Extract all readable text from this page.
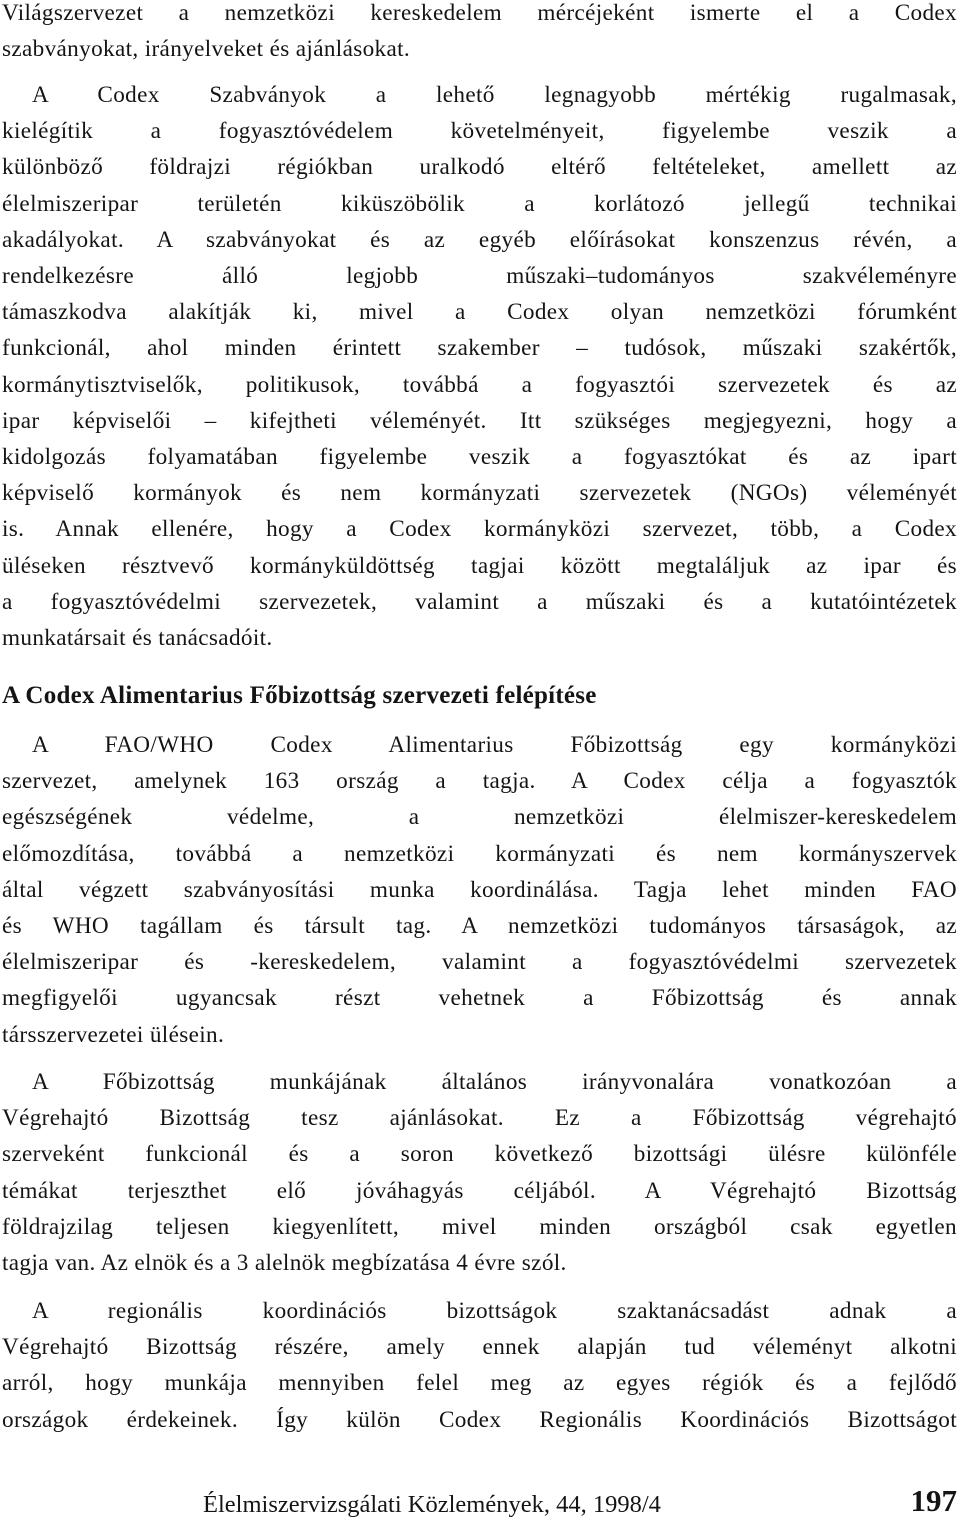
Világszervezet a nemzetközi kereskedelem mércéjeként ismerte el a Codex
szabványokat, irányelveket és ajánlásokat.
A Codex Szabványok a lehető legnagyobb mértékig rugalmasak,
kielégítik a fogyasztóvédelem követelményeit, figyelembe veszik a
különböző földrajzi régiókban uralkodó eltérő feltételeket, amellett az
élelmiszeripar területén kiküszöbölik a korlátozó jellegű technikai
akadályokat. A szabványokat és az egyéb előírásokat konszenzus révén, a
rendelkezésre álló legjobb műszaki–tudományos szakvéleményre
támaszkodva alakítják ki, mivel a Codex olyan nemzetközi fórumként
funkcionál, ahol minden érintett szakember – tudósok, műszaki szakértők,
kormánytisztviselők, politikusok, továbbá a fogyasztói szervezetek és az
ipar képviselői – kifejtheti véleményét. Itt szükséges megjegyezni, hogy a
kidolgozás folyamatában figyelembe veszik a fogyasztókat és az ipart
képviselő kormányok és nem kormányzati szervezetek (NGOs) véleményét
is. Annak ellenére, hogy a Codex kormányközi szervezet, több, a Codex
üléseken résztvevő kormányküldöttség tagjai között megtaláljuk az ipar és
a fogyasztóvédelmi szervezetek, valamint a műszaki és a kutatóintézetek
munkatársait és tanácsadóit.
A Codex Alimentarius Főbizottság szervezeti felépítése
A FAO/WHO Codex Alimentarius Főbizottság egy kormányközi
szervezet, amelynek 163 ország a tagja. A Codex célja a fogyasztók
egészségének védelme, a nemzetközi élelmiszer-kereskedelem
előmozdítása, továbbá a nemzetközi kormányzati és nem kormányszervek
által végzett szabványosítási munka koordinálása. Tagja lehet minden FAO
és WHO tagállam és társult tag. A nemzetközi tudományos társaságok, az
élelmiszeripar és -kereskedelem, valamint a fogyasztóvédelmi szervezetek
megfigyelői ugyancsak részt vehetnek a Főbizottság és annak
társszervezetei ülésein.
A Főbizottság munkájának általános irányvonalára vonatkozóan a
Végrehajtó Bizottság tesz ajánlásokat. Ez a Főbizottság végrehajtó
szerveként funkcionál és a soron következő bizottsági ülésre különféle
témákat terjeszthet elő jóváhagyás céljából. A Végrehajtó Bizottság
földrajzilag teljesen kiegyenlített, mivel minden országból csak egyetlen
tagja van. Az elnök és a 3 alelnök megbízatása 4 évre szól.
A regionális koordinációs bizottságok szaktanácsadást adnak a
Végrehajtó Bizottság részére, amely ennek alapján tud véleményt alkotni
arról, hogy munkája mennyiben felel meg az egyes régiók és a fejlődő
országok érdekeinek. Így külön Codex Regionális Koordinációs Bizottságot
Élelmiszervizsgálati Közlemények, 44, 1998/4	197
